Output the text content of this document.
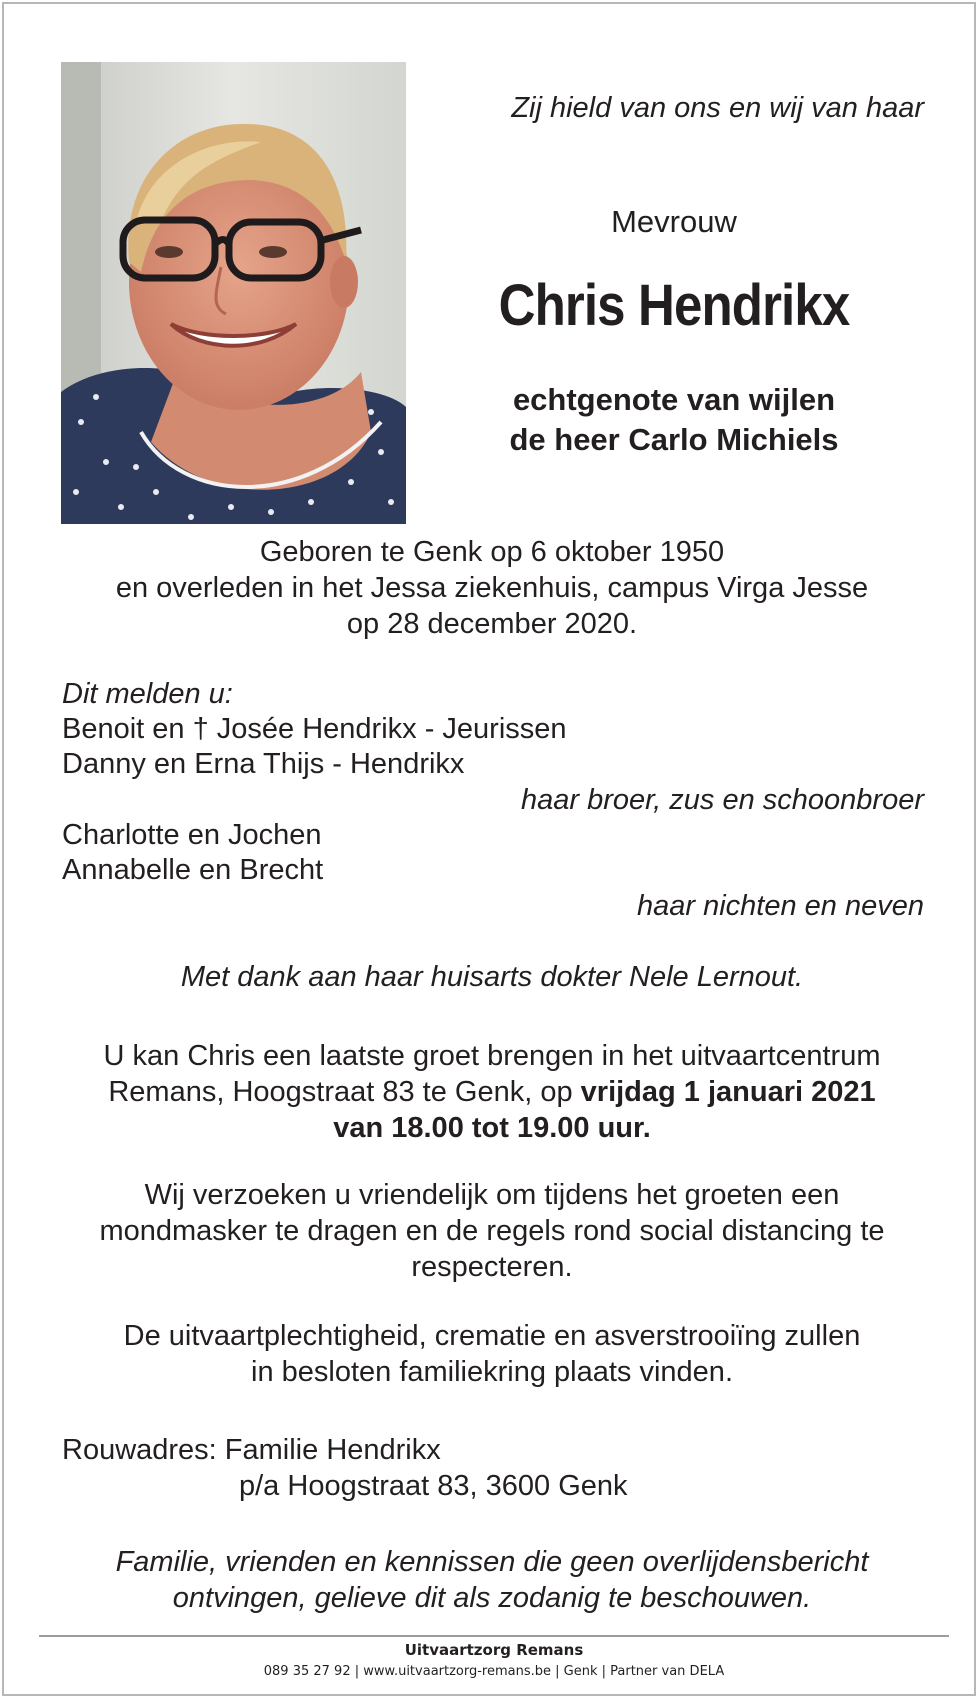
Zij hield van ons en wij van haar
Mevrouw
Chris Hendrikx
echtgenote van wijlen
de heer Carlo Michiels
Geboren te Genk op 6 oktober 1950
en overleden in het Jessa ziekenhuis, campus Virga Jesse
op 28 december 2020.
Dit melden u:
Benoit en † Josée Hendrikx - Jeurissen
Danny en Erna Thijs - Hendrikx
haar broer, zus en schoonbroer
Charlotte en Jochen
Annabelle en Brecht
haar nichten en neven
Met dank aan haar huisarts dokter Nele Lernout.
U kan Chris een laatste groet brengen in het uitvaartcentrum
Remans, Hoogstraat 83 te Genk, op vrijdag 1 januari 2021
van 18.00 tot 19.00 uur.
Wij verzoeken u vriendelijk om tijdens het groeten een
mondmasker te dragen en de regels rond social distancing te
respecteren.
De uitvaartplechtigheid, crematie en asverstrooiïng zullen
in besloten familiekring plaats vinden.
Rouwadres: Familie Hendrikx
p/a Hoogstraat 83, 3600 Genk
Familie, vrienden en kennissen die geen overlijdensbericht
ontvingen, gelieve dit als zodanig te beschouwen.
Uitvaartzorg Remans
089 35 27 92 | www.uitvaartzorg-remans.be | Genk | Partner van DELA
